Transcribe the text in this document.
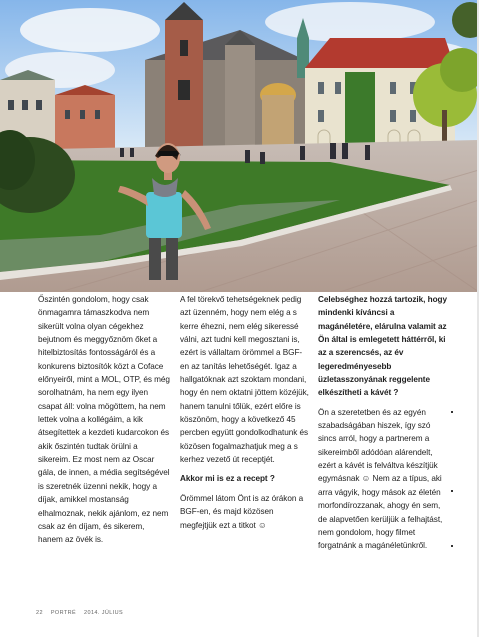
Őszintén gondolom, hogy csak önmagamra támaszkodva nem sikerült volna olyan cégekhez bejutnom és meggyőznöm őket a hitelbiztosítás fontosságáról és a konkurens biztosítók közt a Coface előnyeiről, mint a MOL, OTP, és még sorolhatnám, ha nem egy ilyen csapat áll: volna mögöttem, ha nem lettek volna a kollégáim, a kik átsegítettek a kezdeti kudarcokon és akik őszintén tudtak örülni a sikereim. Ez most nem az Oscar gála, de innen, a média segítségével is szeretnék üzenni nekik, hogy a díjak, amikkel mostanság elhalmoznak, nekik ajánlom, ez nem csak az én díjam, és sikerem, hanem az övék is.

A fel törekvő tehetségeknek pedig azt üzenném, hogy nem elég a s kerre éhezni, nem elég sikeressé válni, azt tudni kell megosztani is, ezért is vállaltam örömmel a BGF-en az tanítás lehetőségét. Igaz a hallgatóknak azt szoktam mondani, hogy én nem oktatni jöttem közéjük, hanem tanulni tőlük, ezért előre is köszönöm, hogy a következő 45 percben együtt gondolkodhatunk és közösen fogalmazhatjuk meg a s kerhez vezető út receptjét.

Akkor mi is ez a recept ?

Örömmel látom Önt is az órákon a BGF-en, és majd közösen megfejtjük ezt a titkot ☺

Celebséghez hozzá tartozik, hogy mindenki kíváncsi a magánéletére, elárulna valamit az Ön által is emlegetett háttérről, ki az a szerencsés, az év legeredményesebb üzletasszonyának reggelente elkészítheti a kávét ?

Ön a szeretetben és az egyén szabadságában hiszek, így szó sincs arról, hogy a partnerem a sikereimből adódóan alárendelt, ezért a kávét is felváltva készítjük egymásnak ☺ Nem az a típus, aki arra vágyik, hogy mások az életén morfondírozzanak, ahogy én sem, de alapvetően kerüljük a felhajtást, nem gondolom, hogy filmet forgatnánk a magánéletünkről.

22 PORTRÉ 2014. JÚLIUS
